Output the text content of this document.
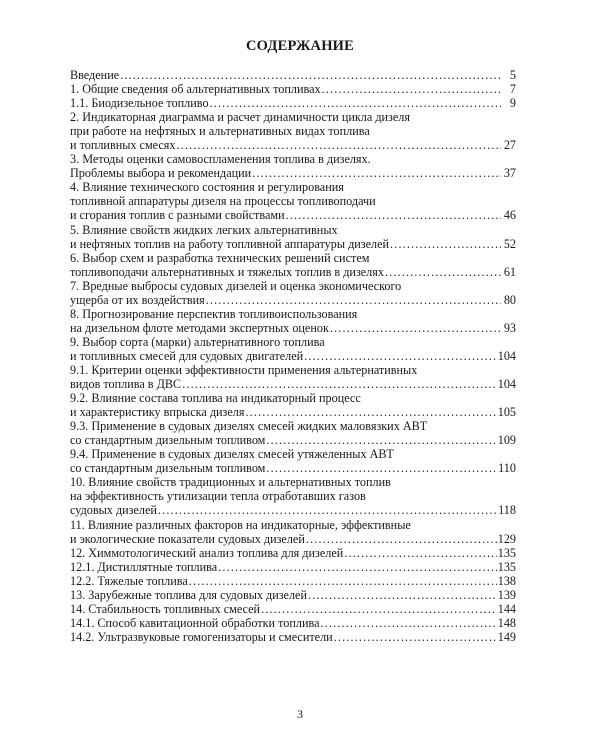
СОДЕРЖАНИЕ
Введение .....	5
1. Общие сведения об альтернативных топливах .....	7
1.1. Биодизельное топливо .....	9
2. Индикаторная диаграмма и расчет динамичности цикла дизеля
при работе на нефтяных и альтернативных видах топлива
и топливных смесях .....	27
3. Методы оценки самовоспламенения топлива в дизелях.
Проблемы выбора и рекомендации .....	37
4. Влияние технического состояния и регулирования
топливной аппаратуры дизеля на процессы топливоподачи
и сгорания топлив с разными свойствами .....	46
5. Влияние свойств жидких легких альтернативных
и нефтяных топлив на работу топливной аппаратуры дизелей .....	52
6. Выбор схем и разработка технических решений систем
топливоподачи альтернативных и тяжелых топлив в дизелях .....	61
7. Вредные выбросы судовых дизелей и оценка экономического
ущерба от их воздействия .....	80
8. Прогнозирование перспектив топливоиспользования
на дизельном флоте методами экспертных оценок .....	93
9. Выбор сорта (марки) альтернативного топлива
и топливных смесей для судовых двигателей .....	104
9.1. Критерии оценки эффективности применения альтернативных
видов топлива в ДВС .....	104
9.2. Влияние состава топлива на индикаторный процесс
и характеристику впрыска дизеля .....	105
9.3. Применение в судовых дизелях смесей жидких маловязких АВТ
со стандартным дизельным топливом .....	109
9.4. Применение в судовых дизелях смесей утяжеленных АВТ
со стандартным дизельным топливом .....	110
10. Влияние свойств традиционных и альтернативных топлив
на эффективность утилизации тепла отработавших газов
судовых дизелей .....	118
11. Влияние различных факторов на индикаторные, эффективные
и экологические показатели судовых дизелей .....	129
12. Химмотологический анализ топлива для дизелей .....	135
12.1. Дистиллятные топлива .....	135
12.2. Тяжелые топлива .....	138
13. Зарубежные топлива для судовых дизелей .....	139
14. Стабильность топливных смесей .....	144
14.1. Способ кавитационной обработки топлива .....	148
14.2. Ультразвуковые гомогенизаторы и смесители .....	149
3
